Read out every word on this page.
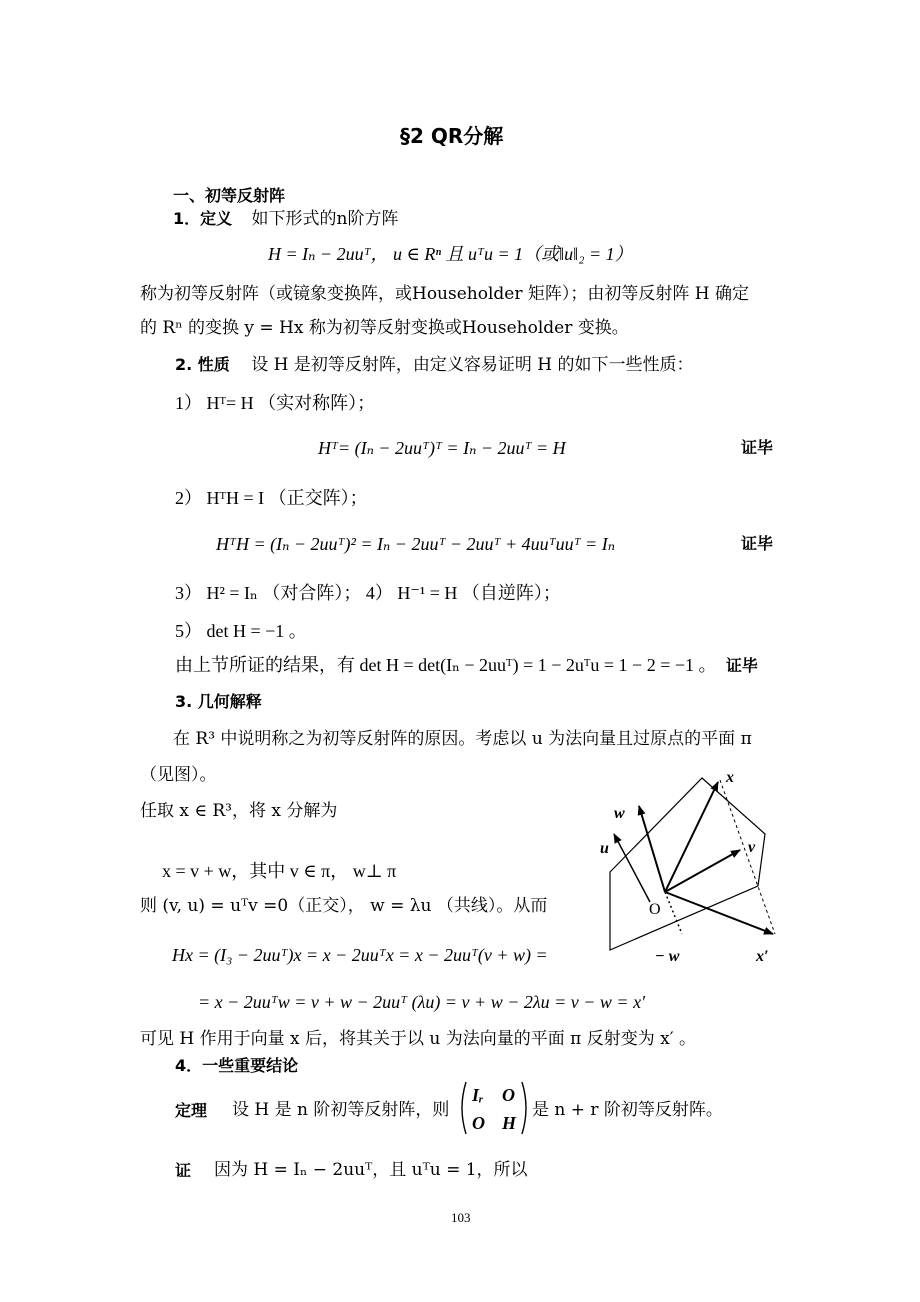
§2 QR分解
一、初等反射阵
1．定义 如下形式的n阶方阵
H = Iₙ − 2uuᵀ， u ∈ Rⁿ 且 uᵀu = 1（或‖u‖₂ = 1）
称为初等反射阵（或镜象变换阵，或Householder 矩阵）；由初等反射阵 H 确定
的 Rⁿ 的变换 y = Hx 称为初等反射变换或Householder 变换。
2. 性质 设 H 是初等反射阵，由定义容易证明 H 的如下一些性质：
1） Hᵀ= H （实对称阵）；
Hᵀ= (Iₙ − 2uuᵀ)ᵀ = Iₙ − 2uuᵀ = H	证毕
2） HᵀH = I （正交阵）；
HᵀH = (Iₙ − 2uuᵀ)² = Iₙ − 2uuᵀ − 2uuᵀ + 4uuᵀuuᵀ = Iₙ	证毕
3） H² = Iₙ （对合阵）； 4） H⁻¹ = H （自逆阵）；
5） det H = −1 。
由上节所证的结果，有 det H = det(Iₙ − 2uuᵀ) = 1 − 2uᵀu = 1 − 2 = −1 。 证毕
3. 几何解释
在 R³ 中说明称之为初等反射阵的原因。考虑以 u 为法向量且过原点的平面 π
（见图）。
任取 x ∈ R³，将 x 分解为
x = v + w，其中 v ∈ π， w⊥ π
则 (v, u) = uᵀv =0（正交）， w = λu （共线）。从而
Hx = (I₃ − 2uuᵀ)x = x − 2uuᵀx = x − 2uuᵀ(v + w) =
= x − 2uuᵀw = v + w − 2uuᵀ (λu) = v + w − 2λu = v − w = x′
可见 H 作用于向量 x 后，将其关于以 u 为法向量的平面 π 反射变为 x′ 。
x
w
u	v
O
− w	x′
4．一些重要结论
定理 设 H 是 n 阶初等反射阵，则
Iᵣ O
O H
是 n + r 阶初等反射阵。
证 因为 H = Iₙ − 2uuᵀ，且 uᵀu = 1，所以
103
